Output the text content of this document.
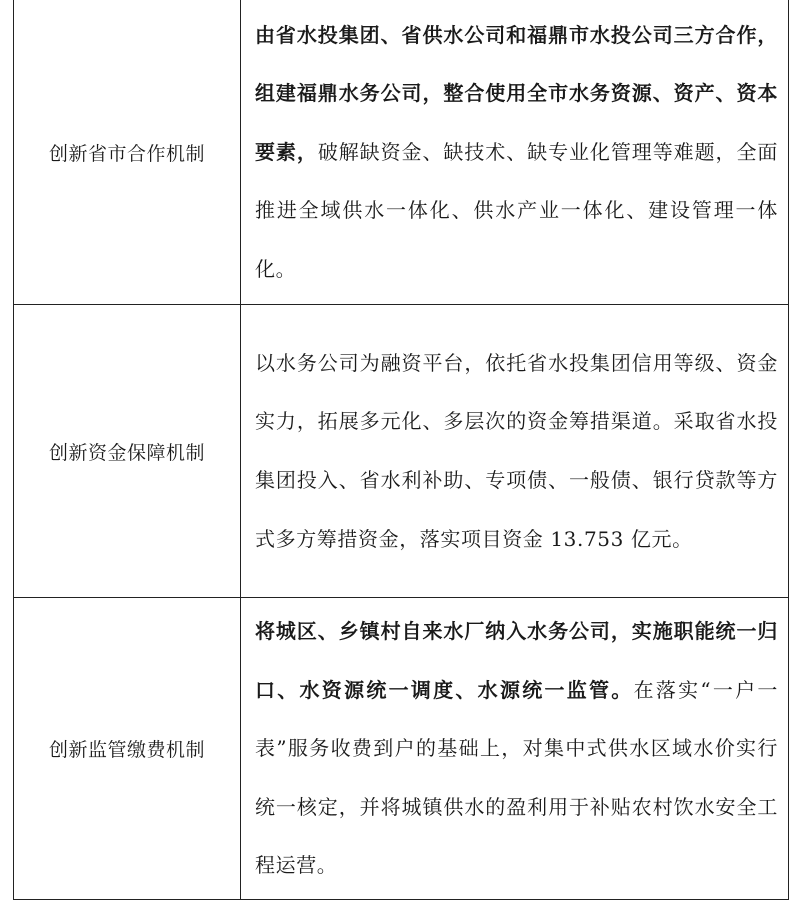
创新省市合作机制	由省水投集团、省供水公司和福鼎市水投公司三方合作，组建福鼎水务公司，整合使用全市水务资源、资产、资本要素，破解缺资金、缺技术、缺专业化管理等难题，全面推进全域供水一体化、供水产业一体化、建设管理一体化。
创新资金保障机制	以水务公司为融资平台，依托省水投集团信用等级、资金实力，拓展多元化、多层次的资金筹措渠道。采取省水投集团投入、省水利补助、专项债、一般债、银行贷款等方式多方筹措资金，落实项目资金 13.753 亿元。
创新监管缴费机制	将城区、乡镇村自来水厂纳入水务公司，实施职能统一归口、水资源统一调度、水源统一监管。在落实“一户一表”服务收费到户的基础上，对集中式供水区域水价实行统一核定，并将城镇供水的盈利用于补贴农村饮水安全工程运营。
